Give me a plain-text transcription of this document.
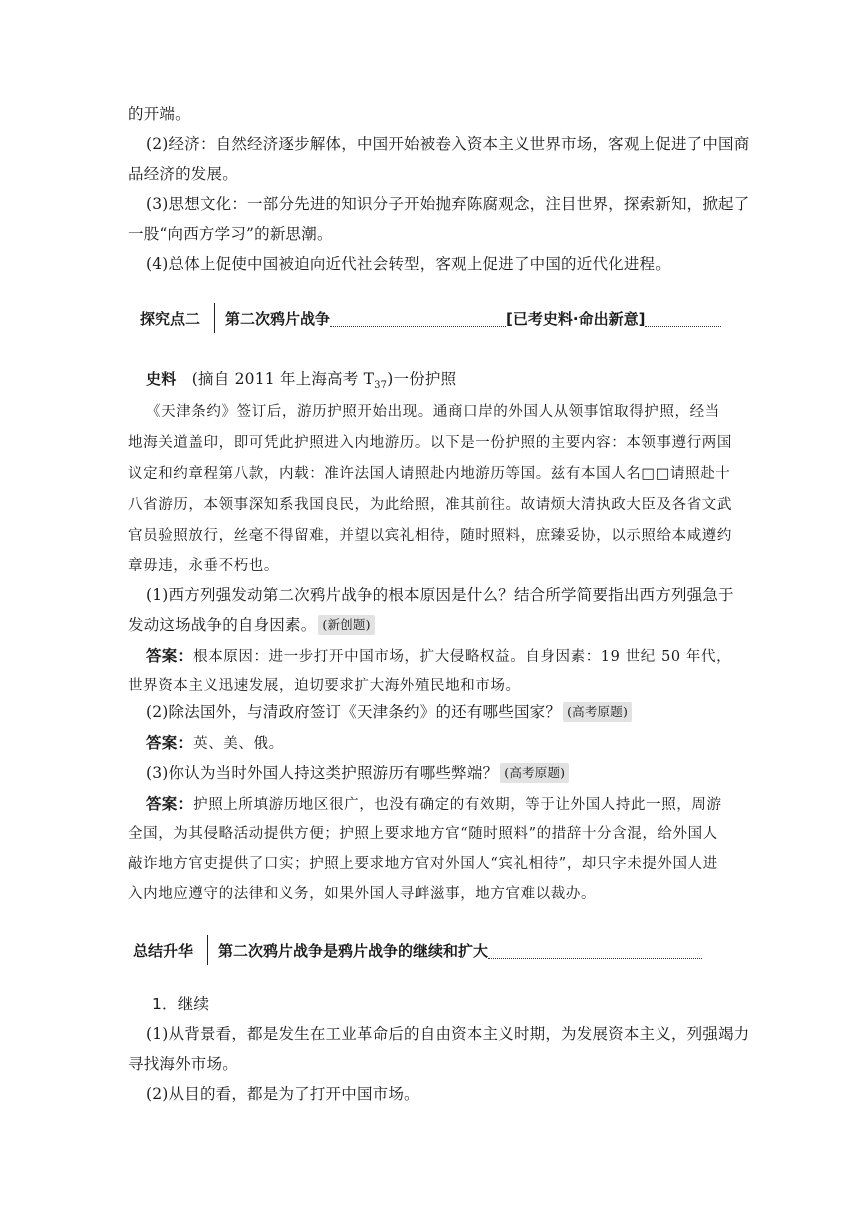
的开端。
(2)经济：自然经济逐步解体，中国开始被卷入资本主义世界市场，客观上促进了中国商
品经济的发展。
(3)思想文化：一部分先进的知识分子开始抛弃陈腐观念，注目世界，探索新知，掀起了
一股“向西方学习”的新思潮。
(4)总体上促使中国被迫向近代社会转型，客观上促进了中国的近代化进程。
探究点二 第二次鸦片战争	[已考史料·命出新意]
史料 (摘自 2011 年上海高考 $T_{37}$)一份护照
《天津条约》签订后，游历护照开始出现。通商口岸的外国人从领事馆取得护照，经当
地海关道盖印，即可凭此护照进入内地游历。以下是一份护照的主要内容：本领事遵行两国
议定和约章程第八款，内载：准许法国人请照赴内地游历等国。兹有本国人名□□请照赴十
八省游历，本领事深知系我国良民，为此给照，准其前往。故请烦大清执政大臣及各省文武
官员验照放行，丝毫不得留难，并望以宾礼相待，随时照料，庶臻妥协，以示照给本咸遵约
章毋违，永垂不朽也。
(1)西方列强发动第二次鸦片战争的根本原因是什么？结合所学简要指出西方列强急于
发动这场战争的自身因素。 (新创题)
答案：根本原因：进一步打开中国市场，扩大侵略权益。自身因素：19 世纪 50 年代，
世界资本主义迅速发展，迫切要求扩大海外殖民地和市场。
(2)除法国外，与清政府签订《天津条约》的还有哪些国家？ (高考原题)
答案：英、美、俄。
(3)你认为当时外国人持这类护照游历有哪些弊端？ (高考原题)
答案：护照上所填游历地区很广，也没有确定的有效期，等于让外国人持此一照，周游
全国，为其侵略活动提供方便；护照上要求地方官“随时照料”的措辞十分含混，给外国人
敲诈地方官吏提供了口实；护照上要求地方官对外国人“宾礼相待”，却只字未提外国人进
入内地应遵守的法律和义务，如果外国人寻衅滋事，地方官难以裁办。
总结升华 第二次鸦片战争是鸦片战争的继续和扩大
1．继续
(1)从背景看，都是发生在工业革命后的自由资本主义时期，为发展资本主义，列强竭力
寻找海外市场。
(2)从目的看，都是为了打开中国市场。
